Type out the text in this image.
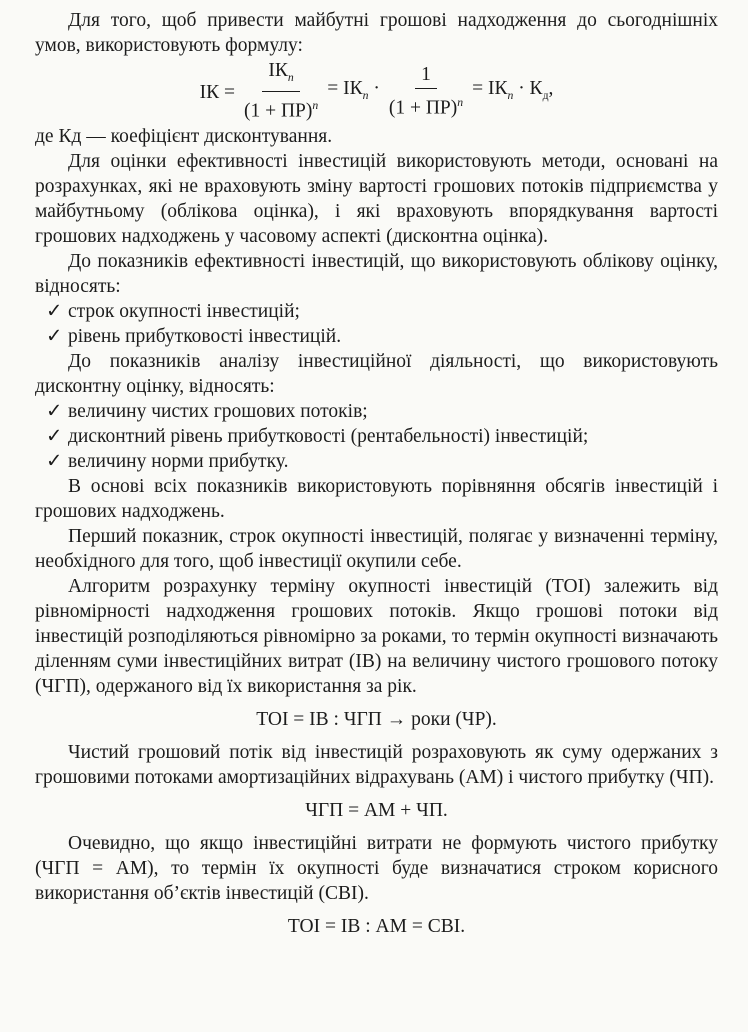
Для того, щоб привести майбутні грошові надходження до сьогоднішніх умов, використовують формулу:

ІК = $\frac{ІК_n}{(1 + ПР)^n} = ІК_n \cdot \frac{1}{(1 + ПР)^n} = ІК_n \cdot К_д$,

де Кд — коефіцієнт дисконтування.

Для оцінки ефективності інвестицій використовують методи, основані на розрахунках, які не враховують зміну вартості грошових потоків підприємства у майбутньому (облікова оцінка), і які враховують впорядкування вартості грошових надходжень у часовому аспекті (дисконтна оцінка).

До показників ефективності інвестицій, що використовують облікову оцінку, відносять:

✓ строк окупності інвестицій;
✓ рівень прибутковості інвестицій.

До показників аналізу інвестиційної діяльності, що використовують дисконтну оцінку, відносять:

✓ величину чистих грошових потоків;
✓ дисконтний рівень прибутковості (рентабельності) інвестицій;
✓ величину норми прибутку.

В основі всіх показників використовують порівняння обсягів інвестицій і грошових надходжень.

Перший показник, строк окупності інвестицій, полягає у визначенні терміну, необхідного для того, щоб інвестиції окупили себе.

Алгоритм розрахунку терміну окупності інвестицій (ТОІ) залежить від рівномірності надходження грошових потоків. Якщо грошові потоки від інвестицій розподіляються рівномірно за роками, то термін окупності визначають діленням суми інвестиційних витрат (ІВ) на величину чистого грошового потоку (ЧГП), одержаного від їх використання за рік.

ТОІ = ІВ : ЧГП → роки (ЧР).

Чистий грошовий потік від інвестицій розраховують як суму одержаних з грошовими потоками амортизаційних відрахувань (АМ) і чистого прибутку (ЧП).

ЧГП = АМ + ЧП.

Очевидно, що якщо інвестиційні витрати не формують чистого прибутку (ЧГП = АМ), то термін їх окупності буде визначатися строком корисного використання об’єктів інвестицій (СВІ).

ТОІ = ІВ : АМ = СВІ.
